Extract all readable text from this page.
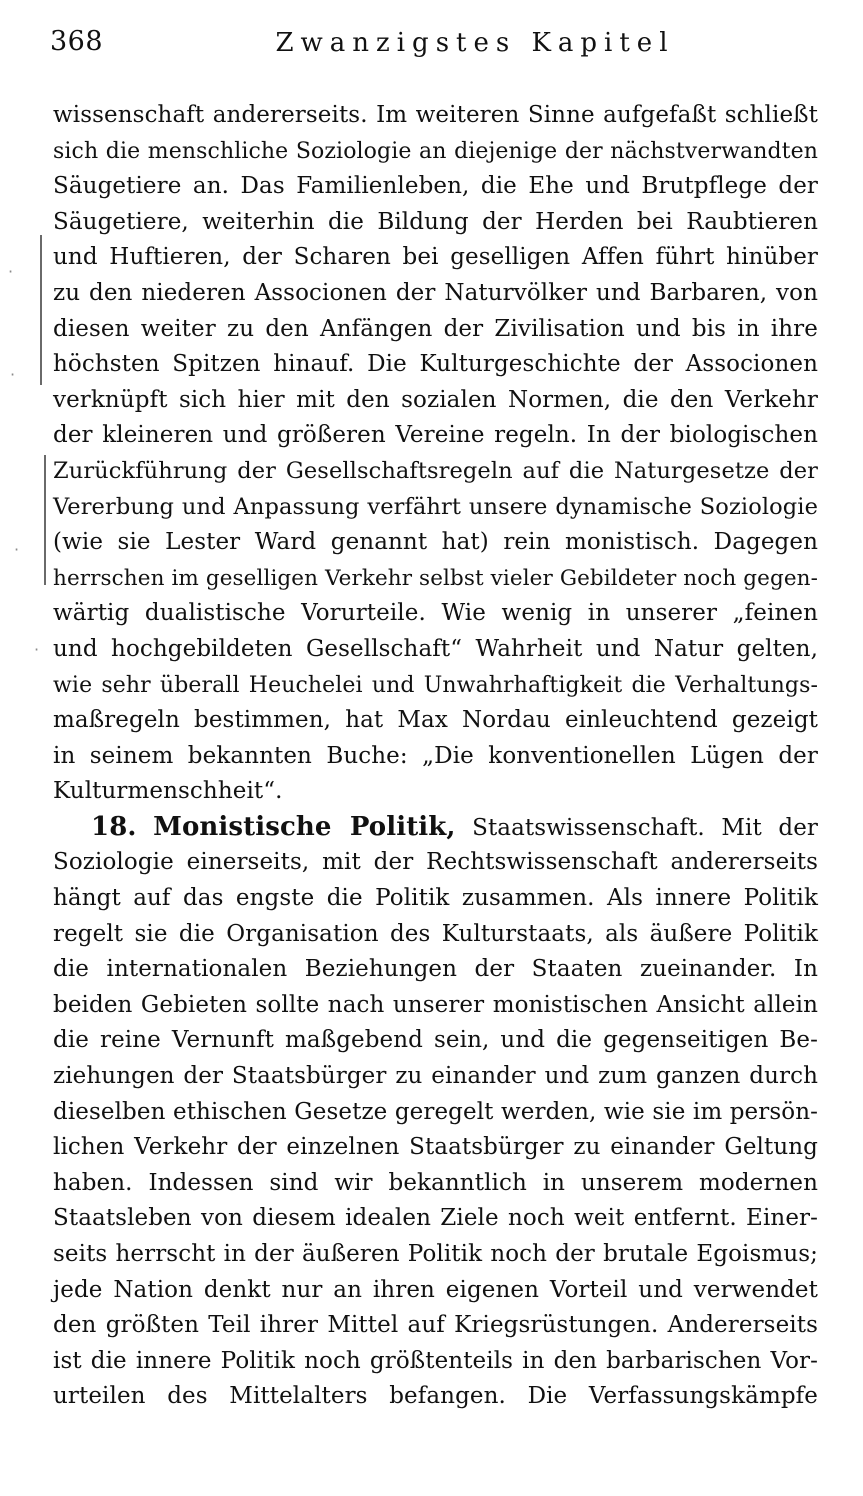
·
·
·
·
368	Zwanzigstes Kapitel
wissenschaft andererseits. Im weiteren Sinne aufgefaßt schließt
sich die menschliche Soziologie an diejenige der nächstverwandten
Säugetiere an. Das Familienleben, die Ehe und Brutpflege der
Säugetiere, weiterhin die Bildung der Herden bei Raubtieren
und Huftieren, der Scharen bei geselligen Affen führt hinüber
zu den niederen Associonen der Naturvölker und Barbaren, von
diesen weiter zu den Anfängen der Zivilisation und bis in ihre
höchsten Spitzen hinauf. Die Kulturgeschichte der Associonen
verknüpft sich hier mit den sozialen Normen, die den Verkehr
der kleineren und größeren Vereine regeln. In der biologischen
Zurückführung der Gesellschaftsregeln auf die Naturgesetze der
Vererbung und Anpassung verfährt unsere dynamische Soziologie
(wie sie Lester Ward genannt hat) rein monistisch. Dagegen
herrschen im geselligen Verkehr selbst vieler Gebildeter noch gegen-
wärtig dualistische Vorurteile. Wie wenig in unserer „feinen
und hochgebildeten Gesellschaft“ Wahrheit und Natur gelten,
wie sehr überall Heuchelei und Unwahrhaftigkeit die Verhaltungs-
maßregeln bestimmen, hat Max Nordau einleuchtend gezeigt
in seinem bekannten Buche: „Die konventionellen Lügen der
Kulturmenschheit“.
18. Monistische Politik, Staatswissenschaft. Mit der
Soziologie einerseits, mit der Rechtswissenschaft andererseits
hängt auf das engste die Politik zusammen. Als innere Politik
regelt sie die Organisation des Kulturstaats, als äußere Politik
die internationalen Beziehungen der Staaten zueinander. In
beiden Gebieten sollte nach unserer monistischen Ansicht allein
die reine Vernunft maßgebend sein, und die gegenseitigen Be-
ziehungen der Staatsbürger zu einander und zum ganzen durch
dieselben ethischen Gesetze geregelt werden, wie sie im persön-
lichen Verkehr der einzelnen Staatsbürger zu einander Geltung
haben. Indessen sind wir bekanntlich in unserem modernen
Staatsleben von diesem idealen Ziele noch weit entfernt. Einer-
seits herrscht in der äußeren Politik noch der brutale Egoismus;
jede Nation denkt nur an ihren eigenen Vorteil und verwendet
den größten Teil ihrer Mittel auf Kriegsrüstungen. Andererseits
ist die innere Politik noch größtenteils in den barbarischen Vor-
urteilen des Mittelalters befangen. Die Verfassungskämpfe
